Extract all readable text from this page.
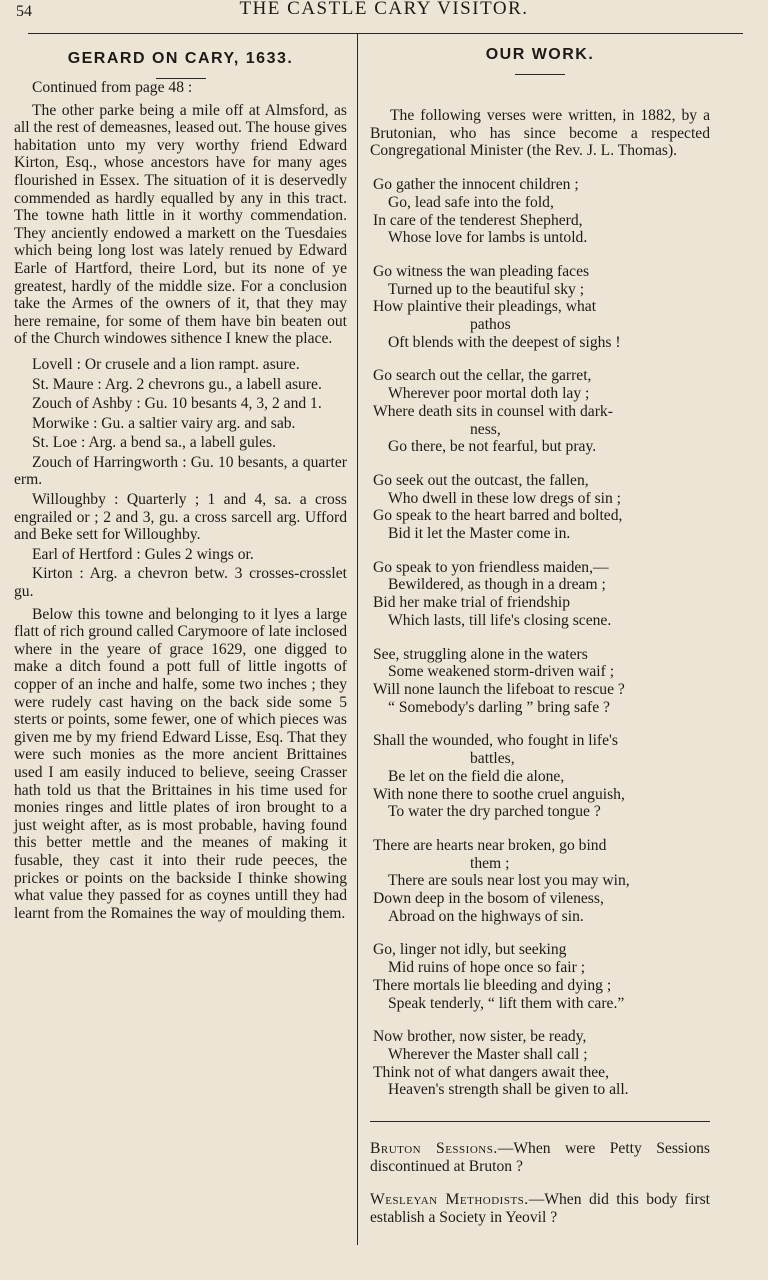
54	THE CASTLE CARY VISITOR.
GERARD ON CARY, 1633.

Continued from page 48 :

The other parke being a mile off at Almsford, as all the rest of demeasnes, leased out. The house gives habitation unto my very worthy friend Edward Kirton, Esq., whose ancestors have for many ages flourished in Essex. The situation of it is deservedly commended as hardly equalled by any in this tract. The towne hath little in it worthy commendation. They anciently endowed a markett on the Tuesdaies which being long lost was lately renued by Edward Earle of Hartford, theire Lord, but its none of ye greatest, hardly of the middle size. For a conclusion take the Armes of the owners of it, that they may here remaine, for some of them have bin beaten out of the Church windowes sithence I knew the place.

Lovell : Or crusele and a lion rampt. asure.

St. Maure : Arg. 2 chevrons gu., a labell asure.

Zouch of Ashby : Gu. 10 besants 4, 3, 2 and 1.

Morwike : Gu. a saltier vairy arg. and sab.

St. Loe : Arg. a bend sa., a labell gules.

Zouch of Harringworth : Gu. 10 besants, a quarter erm.

Willoughby : Quarterly ; 1 and 4, sa. a cross engrailed or ; 2 and 3, gu. a cross sarcell arg. Ufford and Beke sett for Willoughby.

Earl of Hertford : Gules 2 wings or.

Kirton : Arg. a chevron betw. 3 crosses-crosslet gu.

Below this towne and belonging to it lyes a large flatt of rich ground called Carymoore of late inclosed where in the yeare of grace 1629, one digged to make a ditch found a pott full of little ingotts of copper of an inche and halfe, some two inches ; they were rudely cast having on the back side some 5 sterts or points, some fewer, one of which pieces was given me by my friend Edward Lisse, Esq. That they were such monies as the more ancient Brittaines used I am easily induced to believe, seeing Crasser hath told us that the Brittaines in his time used for monies ringes and little plates of iron brought to a just weight after, as is most probable, having found this better mettle and the meanes of making it fusable, they cast it into their rude peeces, the prickes or points on the backside I thinke showing what value they passed for as coynes untill they had learnt from the Romaines the way of moulding them.

OUR WORK.

The following verses were written, in 1882, by a Brutonian, who has since become a respected Congregational Minister (the Rev. J. L. Thomas).

Go gather the innocent children ;
Go, lead safe into the fold,
In care of the tenderest Shepherd,
Whose love for lambs is untold.
Go witness the wan pleading faces
Turned up to the beautiful sky ;
How plaintive their pleadings, what
pathos
Oft blends with the deepest of sighs !
Go search out the cellar, the garret,
Wherever poor mortal doth lay ;
Where death sits in counsel with dark-
ness,
Go there, be not fearful, but pray.
Go seek out the outcast, the fallen,
Who dwell in these low dregs of sin ;
Go speak to the heart barred and bolted,
Bid it let the Master come in.
Go speak to yon friendless maiden,—
Bewildered, as though in a dream ;
Bid her make trial of friendship
Which lasts, till life's closing scene.
See, struggling alone in the waters
Some weakened storm-driven waif ;
Will none launch the lifeboat to rescue ?
“ Somebody's darling ” bring safe ?
Shall the wounded, who fought in life's
battles,
Be let on the field die alone,
With none there to soothe cruel anguish,
To water the dry parched tongue ?
There are hearts near broken, go bind
them ;
There are souls near lost you may win,
Down deep in the bosom of vileness,
Abroad on the highways of sin.
Go, linger not idly, but seeking
Mid ruins of hope once so fair ;
There mortals lie bleeding and dying ;
Speak tenderly, “ lift them with care.”
Now brother, now sister, be ready,
Wherever the Master shall call ;
Think not of what dangers await thee,
Heaven's strength shall be given to all.

Bruton Sessions.—When were Petty Sessions discontinued at Bruton ?

Wesleyan Methodists.—When did this body first establish a Society in Yeovil ?
